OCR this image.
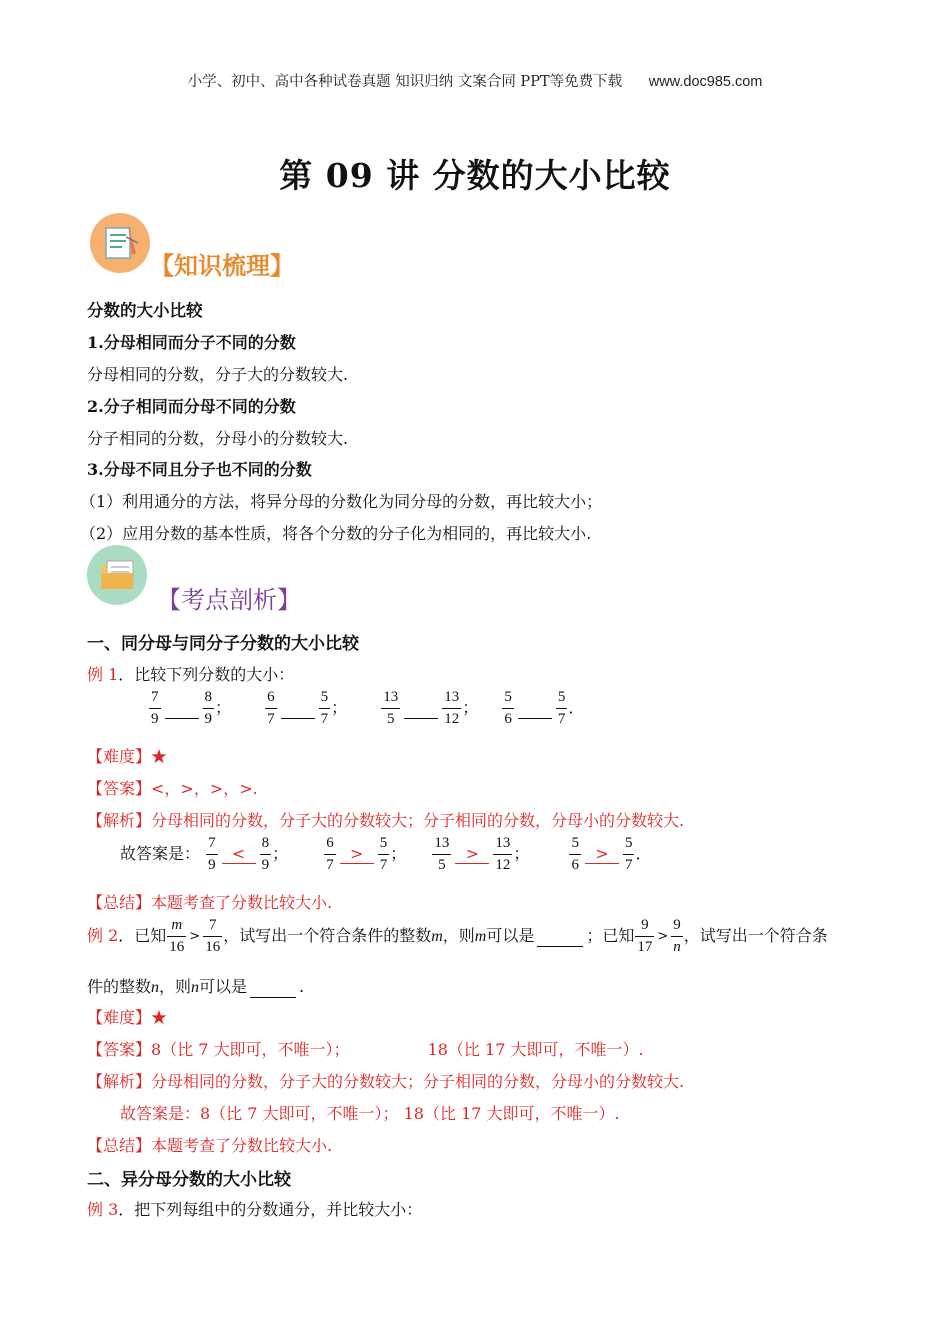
小学、初中、高中各种试卷真题 知识归纳 文案合同 PPT等免费下载 www.doc985.com
第 09 讲 分数的大小比较
【知识梳理】
分数的大小比较
1.分母相同而分子不同的分数
分母相同的分数，分子大的分数较大.
2.分子相同而分母不同的分数
分子相同的分数，分母小的分数较大.
3.分母不同且分子也不同的分数
（1）利用通分的方法，将异分母的分数化为同分母的分数，再比较大小；
（2）应用分数的基本性质，将各个分数的分子化为相同的，再比较大小.
【考点剖析】
一、同分母与同分子分数的大小比较
例 1．比较下列分数的大小：
$\frac{7}{9}$	$\frac{8}{9}$ ； $\frac{6}{7}$	$\frac{5}{7}$ ； $\frac{13}{5}$	$\frac{13}{12}$ ； $\frac{5}{6}$	$\frac{5}{7}$ ．
【难度】★
【答案】<，>，>，>.
【解析】分母相同的分数，分子大的分数较大；分子相同的分数，分母小的分数较大.
故答案是： $\frac{7}{9} < \frac{8}{9}$ ； $\frac{6}{7} > \frac{5}{7}$ ； $\frac{13}{5} > \frac{13}{12}$ ；	$\frac{5}{6} > \frac{5}{7}$ ．
【总结】本题考查了分数比较大小.
例 2．已知 $\frac{m}{16} > \frac{7}{16}$ ，试写出一个符合条件的整数m，则m可以是	；已知 $\frac{9}{17} > \frac{9}{n}$ ，试写出一个符合条
件的整数n，则n可以是	.
【难度】★
【答案】8（比 7 大即可，不唯一）；	18（比 17 大即可，不唯一）.
【解析】分母相同的分数，分子大的分数较大；分子相同的分数，分母小的分数较大.
故答案是：8（比 7 大即可，不唯一）； 18（比 17 大即可，不唯一）.
【总结】本题考查了分数比较大小.
二、异分母分数的大小比较
例 3．把下列每组中的分数通分，并比较大小：
